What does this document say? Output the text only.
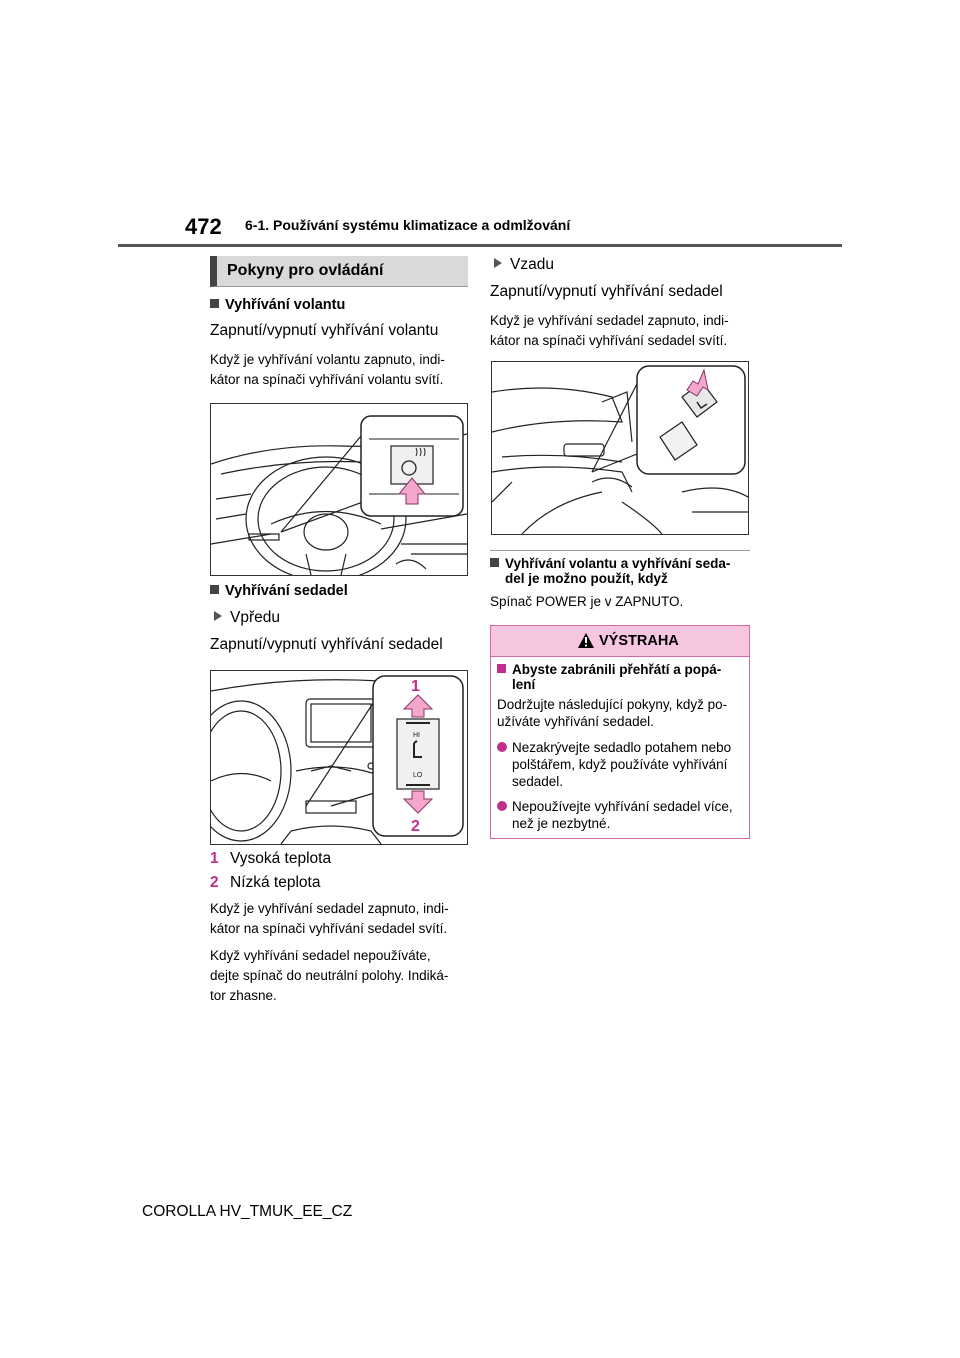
472 6-1. Používání systému klimatizace a odmlžování
Pokyny pro ovládání
Vyhřívání volantu
Zapnutí/vypnutí vyhřívání volantu
Když je vyhřívání volantu zapnuto, indi-
kátor na spínači vyhřívání volantu svítí.
Vyhřívání sedadel
Vpředu
Zapnutí/vypnutí vyhřívání sedadel
1
2
HI
LO
1 Vysoká teplota
2 Nízká teplota
Když je vyhřívání sedadel zapnuto, indi-
kátor na spínači vyhřívání sedadel svítí.
Když vyhřívání sedadel nepoužíváte,
dejte spínač do neutrální polohy. Indiká-
tor zhasne.
Vzadu
Zapnutí/vypnutí vyhřívání sedadel
Když je vyhřívání sedadel zapnuto, indi-
kátor na spínači vyhřívání sedadel svítí.
Vyhřívání volantu a vyhřívání seda-
del je možno použít, když
Spínač POWER je v ZAPNUTO.
VÝSTRAHA
Abyste zabránili přehřátí a popá-
lení
Dodržujte následující pokyny, když po-
užíváte vyhřívání sedadel.
Nezakrývejte sedadlo potahem nebo
polštářem, když používáte vyhřívání
sedadel.
Nepoužívejte vyhřívání sedadel více,
než je nezbytné.
COROLLA HV_TMUK_EE_CZ
